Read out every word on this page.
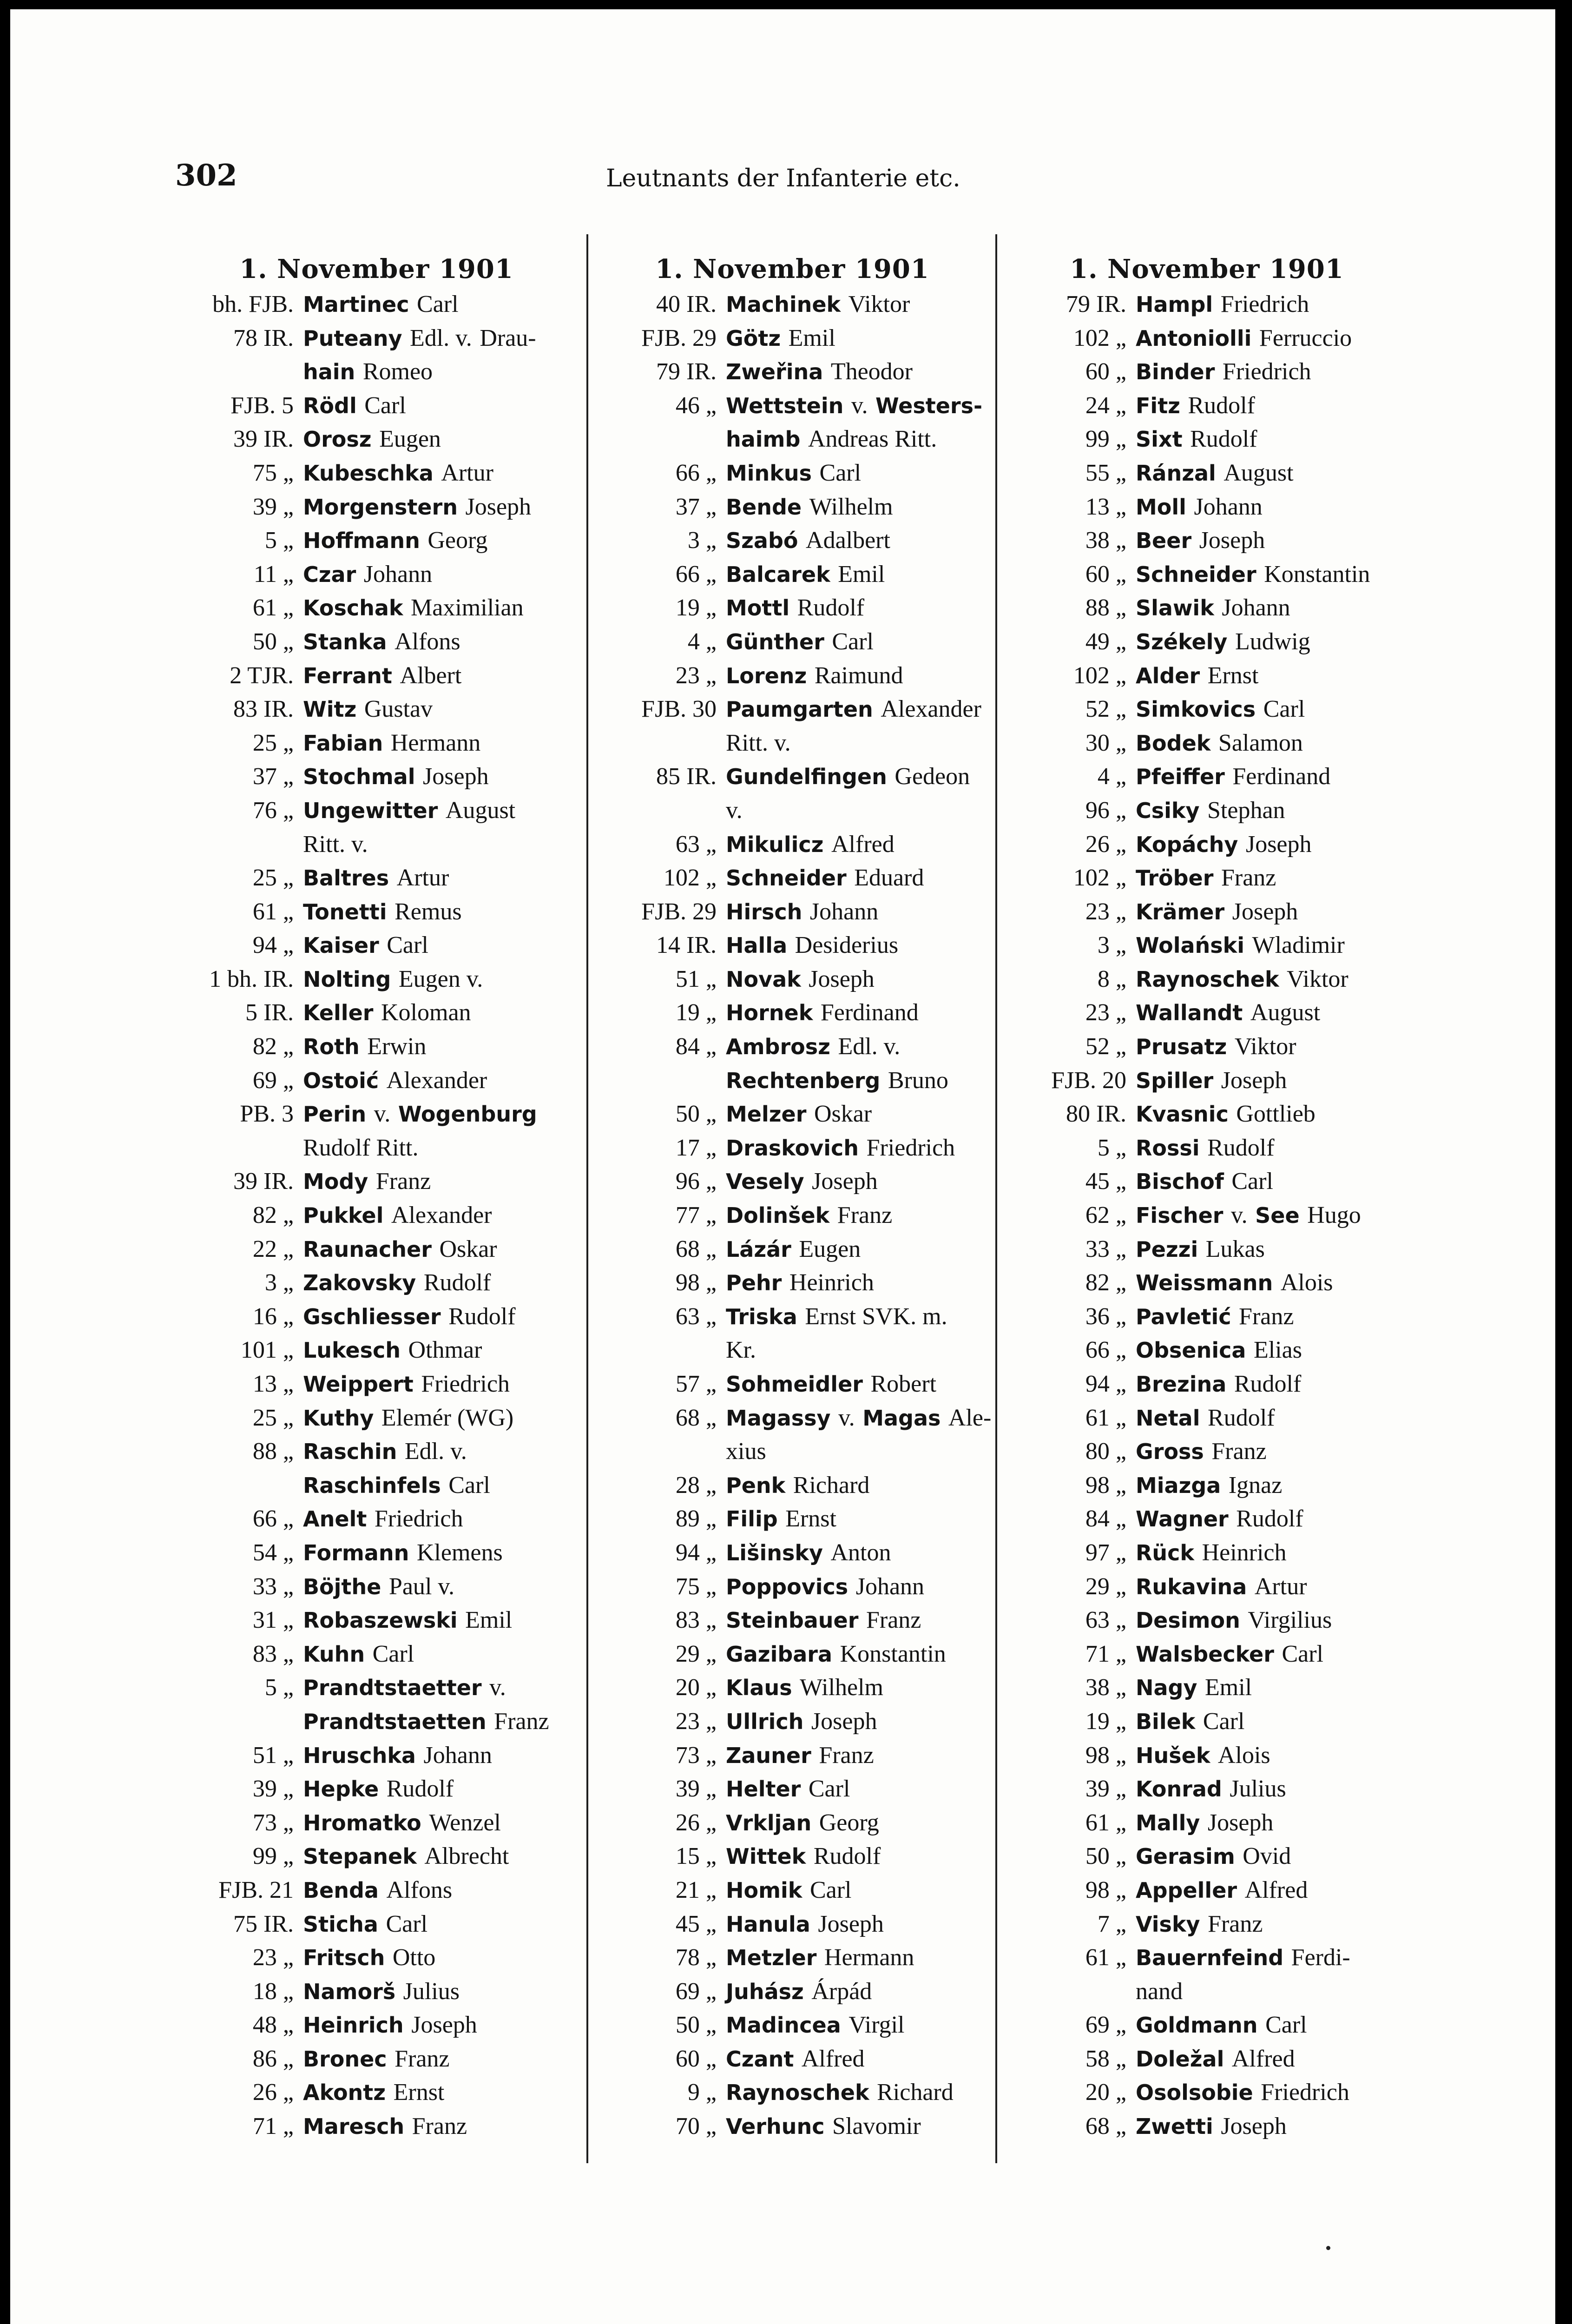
302	Leutnants der Infanterie etc.
1. November 1901
bh. FJB. Martinec Carl
78 IR. Puteany Edl. v. Drau-
hain Romeo
FJB. 5 Rödl Carl
39 IR. Orosz Eugen
75 „ Kubeschka Artur
39 „ Morgenstern Joseph
5 „ Hoffmann Georg
11 „ Czar Johann
61 „ Koschak Maximilian
50 „ Stanka Alfons
2 TJR. Ferrant Albert
83 IR. Witz Gustav
25 „ Fabian Hermann
37 „ Stochmal Joseph
76 „ Ungewitter August
Ritt. v.
25 „ Baltres Artur
61 „ Tonetti Remus
94 „ Kaiser Carl
1 bh. IR. Nolting Eugen v.
5 IR. Keller Koloman
82 „ Roth Erwin
69 „ Ostoić Alexander
PB. 3 Perin v. Wogenburg
Rudolf Ritt.
39 IR. Mody Franz
82 „ Pukkel Alexander
22 „ Raunacher Oskar
3 „ Zakovsky Rudolf
16 „ Gschliesser Rudolf
101 „ Lukesch Othmar
13 „ Weippert Friedrich
25 „ Kuthy Elemér (WG)
88 „ Raschin Edl. v.
Raschinfels Carl
66 „ Anelt Friedrich
54 „ Formann Klemens
33 „ Böjthe Paul v.
31 „ Robaszewski Emil
83 „ Kuhn Carl
5 „ Prandtstaetter v.
Prandtstaetten Franz
51 „ Hruschka Johann
39 „ Hepke Rudolf
73 „ Hromatko Wenzel
99 „ Stepanek Albrecht
FJB. 21 Benda Alfons
75 IR. Sticha Carl
23 „ Fritsch Otto
18 „ Namorš Julius
48 „ Heinrich Joseph
86 „ Bronec Franz
26 „ Akontz Ernst
71 „ Maresch Franz
1. November 1901
40 IR. Machinek Viktor
FJB. 29 Götz Emil
79 IR. Zweřina Theodor
46 „ Wettstein v. Westers-
haimb Andreas Ritt.
66 „ Minkus Carl
37 „ Bende Wilhelm
3 „ Szabó Adalbert
66 „ Balcarek Emil
19 „ Mottl Rudolf
4 „ Günther Carl
23 „ Lorenz Raimund
FJB. 30 Paumgarten Alexander
Ritt. v.
85 IR. Gundelfingen Gedeon
v.
63 „ Mikulicz Alfred
102 „ Schneider Eduard
FJB. 29 Hirsch Johann
14 IR. Halla Desiderius
51 „ Novak Joseph
19 „ Hornek Ferdinand
84 „ Ambrosz Edl. v.
Rechtenberg Bruno
50 „ Melzer Oskar
17 „ Draskovich Friedrich
96 „ Vesely Joseph
77 „ Dolinšek Franz
68 „ Lázár Eugen
98 „ Pehr Heinrich
63 „ Triska Ernst SVK. m.
Kr.
57 „ Sohmeidler Robert
68 „ Magassy v. Magas Ale-
xius
28 „ Penk Richard
89 „ Filip Ernst
94 „ Lišinsky Anton
75 „ Poppovics Johann
83 „ Steinbauer Franz
29 „ Gazibara Konstantin
20 „ Klaus Wilhelm
23 „ Ullrich Joseph
73 „ Zauner Franz
39 „ Helter Carl
26 „ Vrkljan Georg
15 „ Wittek Rudolf
21 „ Homik Carl
45 „ Hanula Joseph
78 „ Metzler Hermann
69 „ Juhász Árpád
50 „ Madincea Virgil
60 „ Czant Alfred
9 „ Raynoschek Richard
70 „ Verhunc Slavomir
1. November 1901
79 IR. Hampl Friedrich
102 „ Antoniolli Ferruccio
60 „ Binder Friedrich
24 „ Fitz Rudolf
99 „ Sixt Rudolf
55 „ Ránzal August
13 „ Moll Johann
38 „ Beer Joseph
60 „ Schneider Konstantin
88 „ Slawik Johann
49 „ Székely Ludwig
102 „ Alder Ernst
52 „ Simkovics Carl
30 „ Bodek Salamon
4 „ Pfeiffer Ferdinand
96 „ Csiky Stephan
26 „ Kopáchy Joseph
102 „ Tröber Franz
23 „ Krämer Joseph
3 „ Wolański Wladimir
8 „ Raynoschek Viktor
23 „ Wallandt August
52 „ Prusatz Viktor
FJB. 20 Spiller Joseph
80 IR. Kvasnic Gottlieb
5 „ Rossi Rudolf
45 „ Bischof Carl
62 „ Fischer v. See Hugo
33 „ Pezzi Lukas
82 „ Weissmann Alois
36 „ Pavletić Franz
66 „ Obsenica Elias
94 „ Brezina Rudolf
61 „ Netal Rudolf
80 „ Gross Franz
98 „ Miazga Ignaz
84 „ Wagner Rudolf
97 „ Rück Heinrich
29 „ Rukavina Artur
63 „ Desimon Virgilius
71 „ Walsbecker Carl
38 „ Nagy Emil
19 „ Bilek Carl
98 „ Hušek Alois
39 „ Konrad Julius
61 „ Mally Joseph
50 „ Gerasim Ovid
98 „ Appeller Alfred
7 „ Visky Franz
61 „ Bauernfeind Ferdi-
nand
69 „ Goldmann Carl
58 „ Doležal Alfred
20 „ Osolsobie Friedrich
68 „ Zwetti Joseph
